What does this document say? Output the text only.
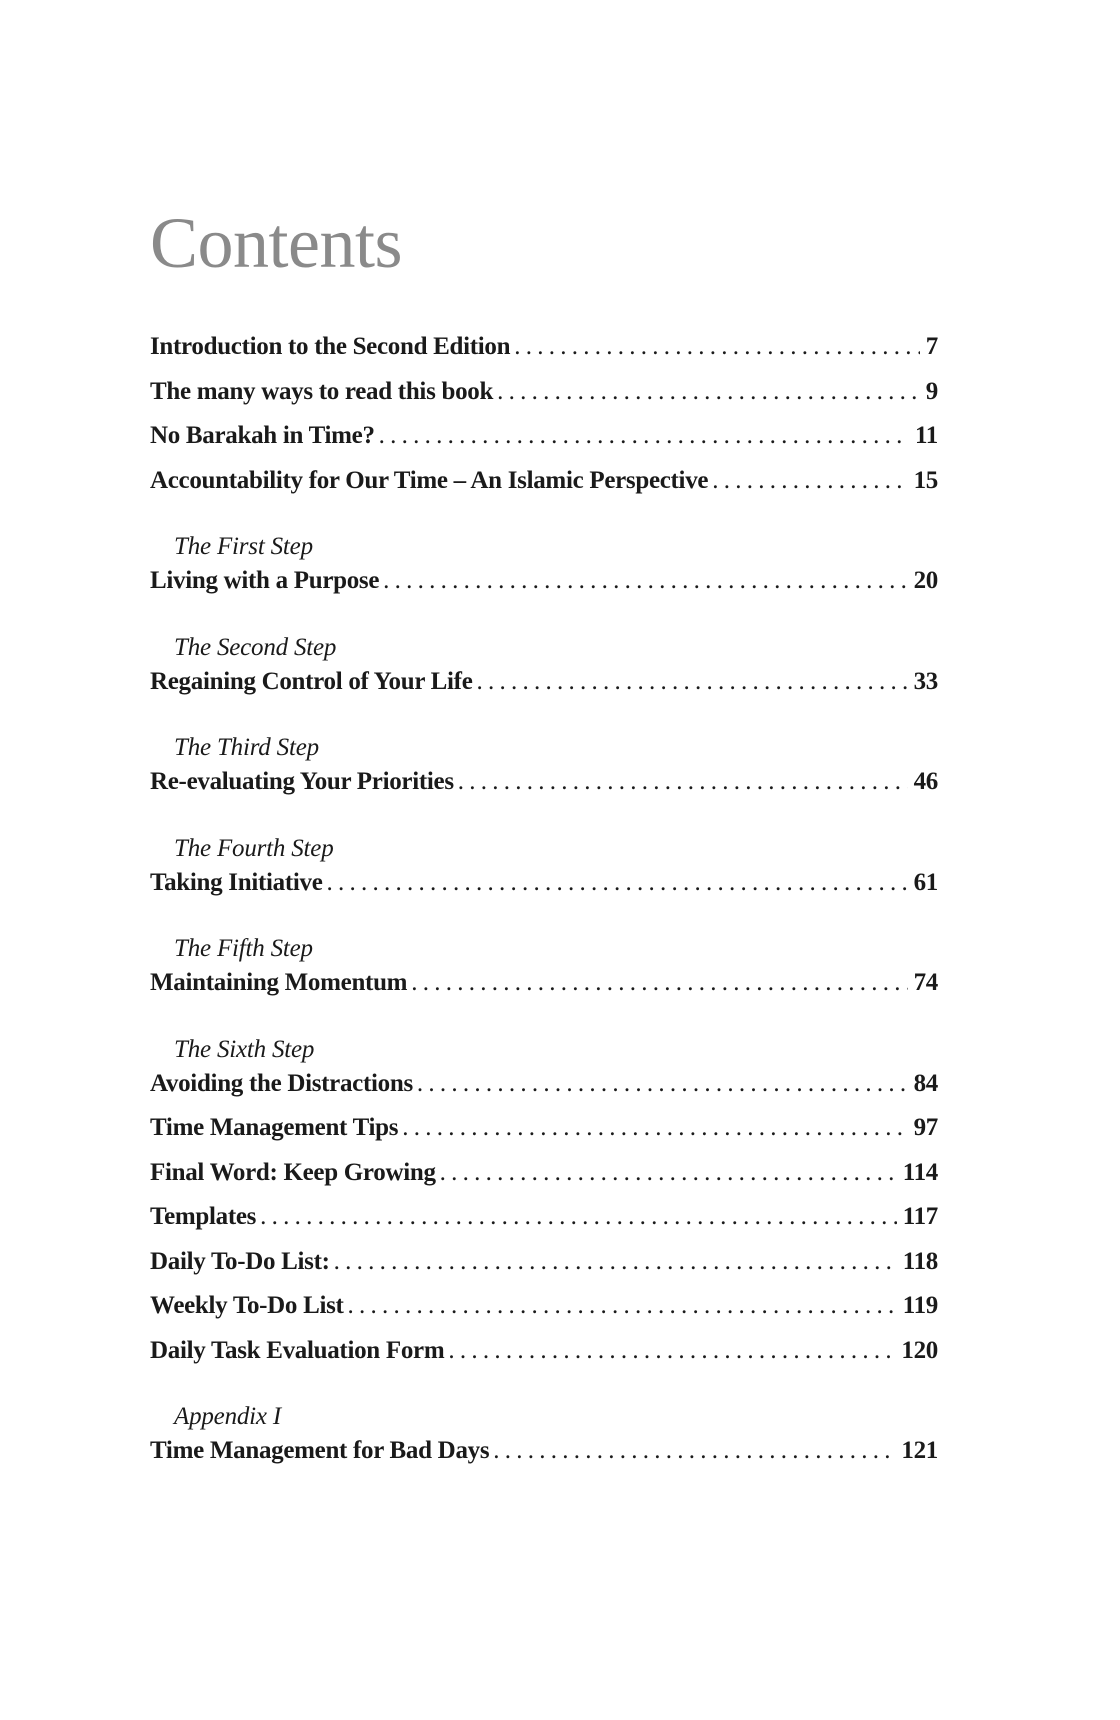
Contents
Introduction to the Second Edition . . .	7
The many ways to read this book . . .	9
No Barakah in Time? . . .	11
Accountability for Our Time – An Islamic Perspective . . .	15
The First Step
Living with a Purpose . . .	20
The Second Step
Regaining Control of Your Life . . .	33
The Third Step
Re-evaluating Your Priorities . . .	46
The Fourth Step
Taking Initiative . . .	61
The Fifth Step
Maintaining Momentum . . .	74
The Sixth Step
Avoiding the Distractions . . .	84
Time Management Tips . . .	97
Final Word: Keep Growing . . .	114
Templates . . .	117
Daily To-Do List: . . .	118
Weekly To-Do List . . .	119
Daily Task Evaluation Form . . .	120
Appendix I
Time Management for Bad Days . . .	121
